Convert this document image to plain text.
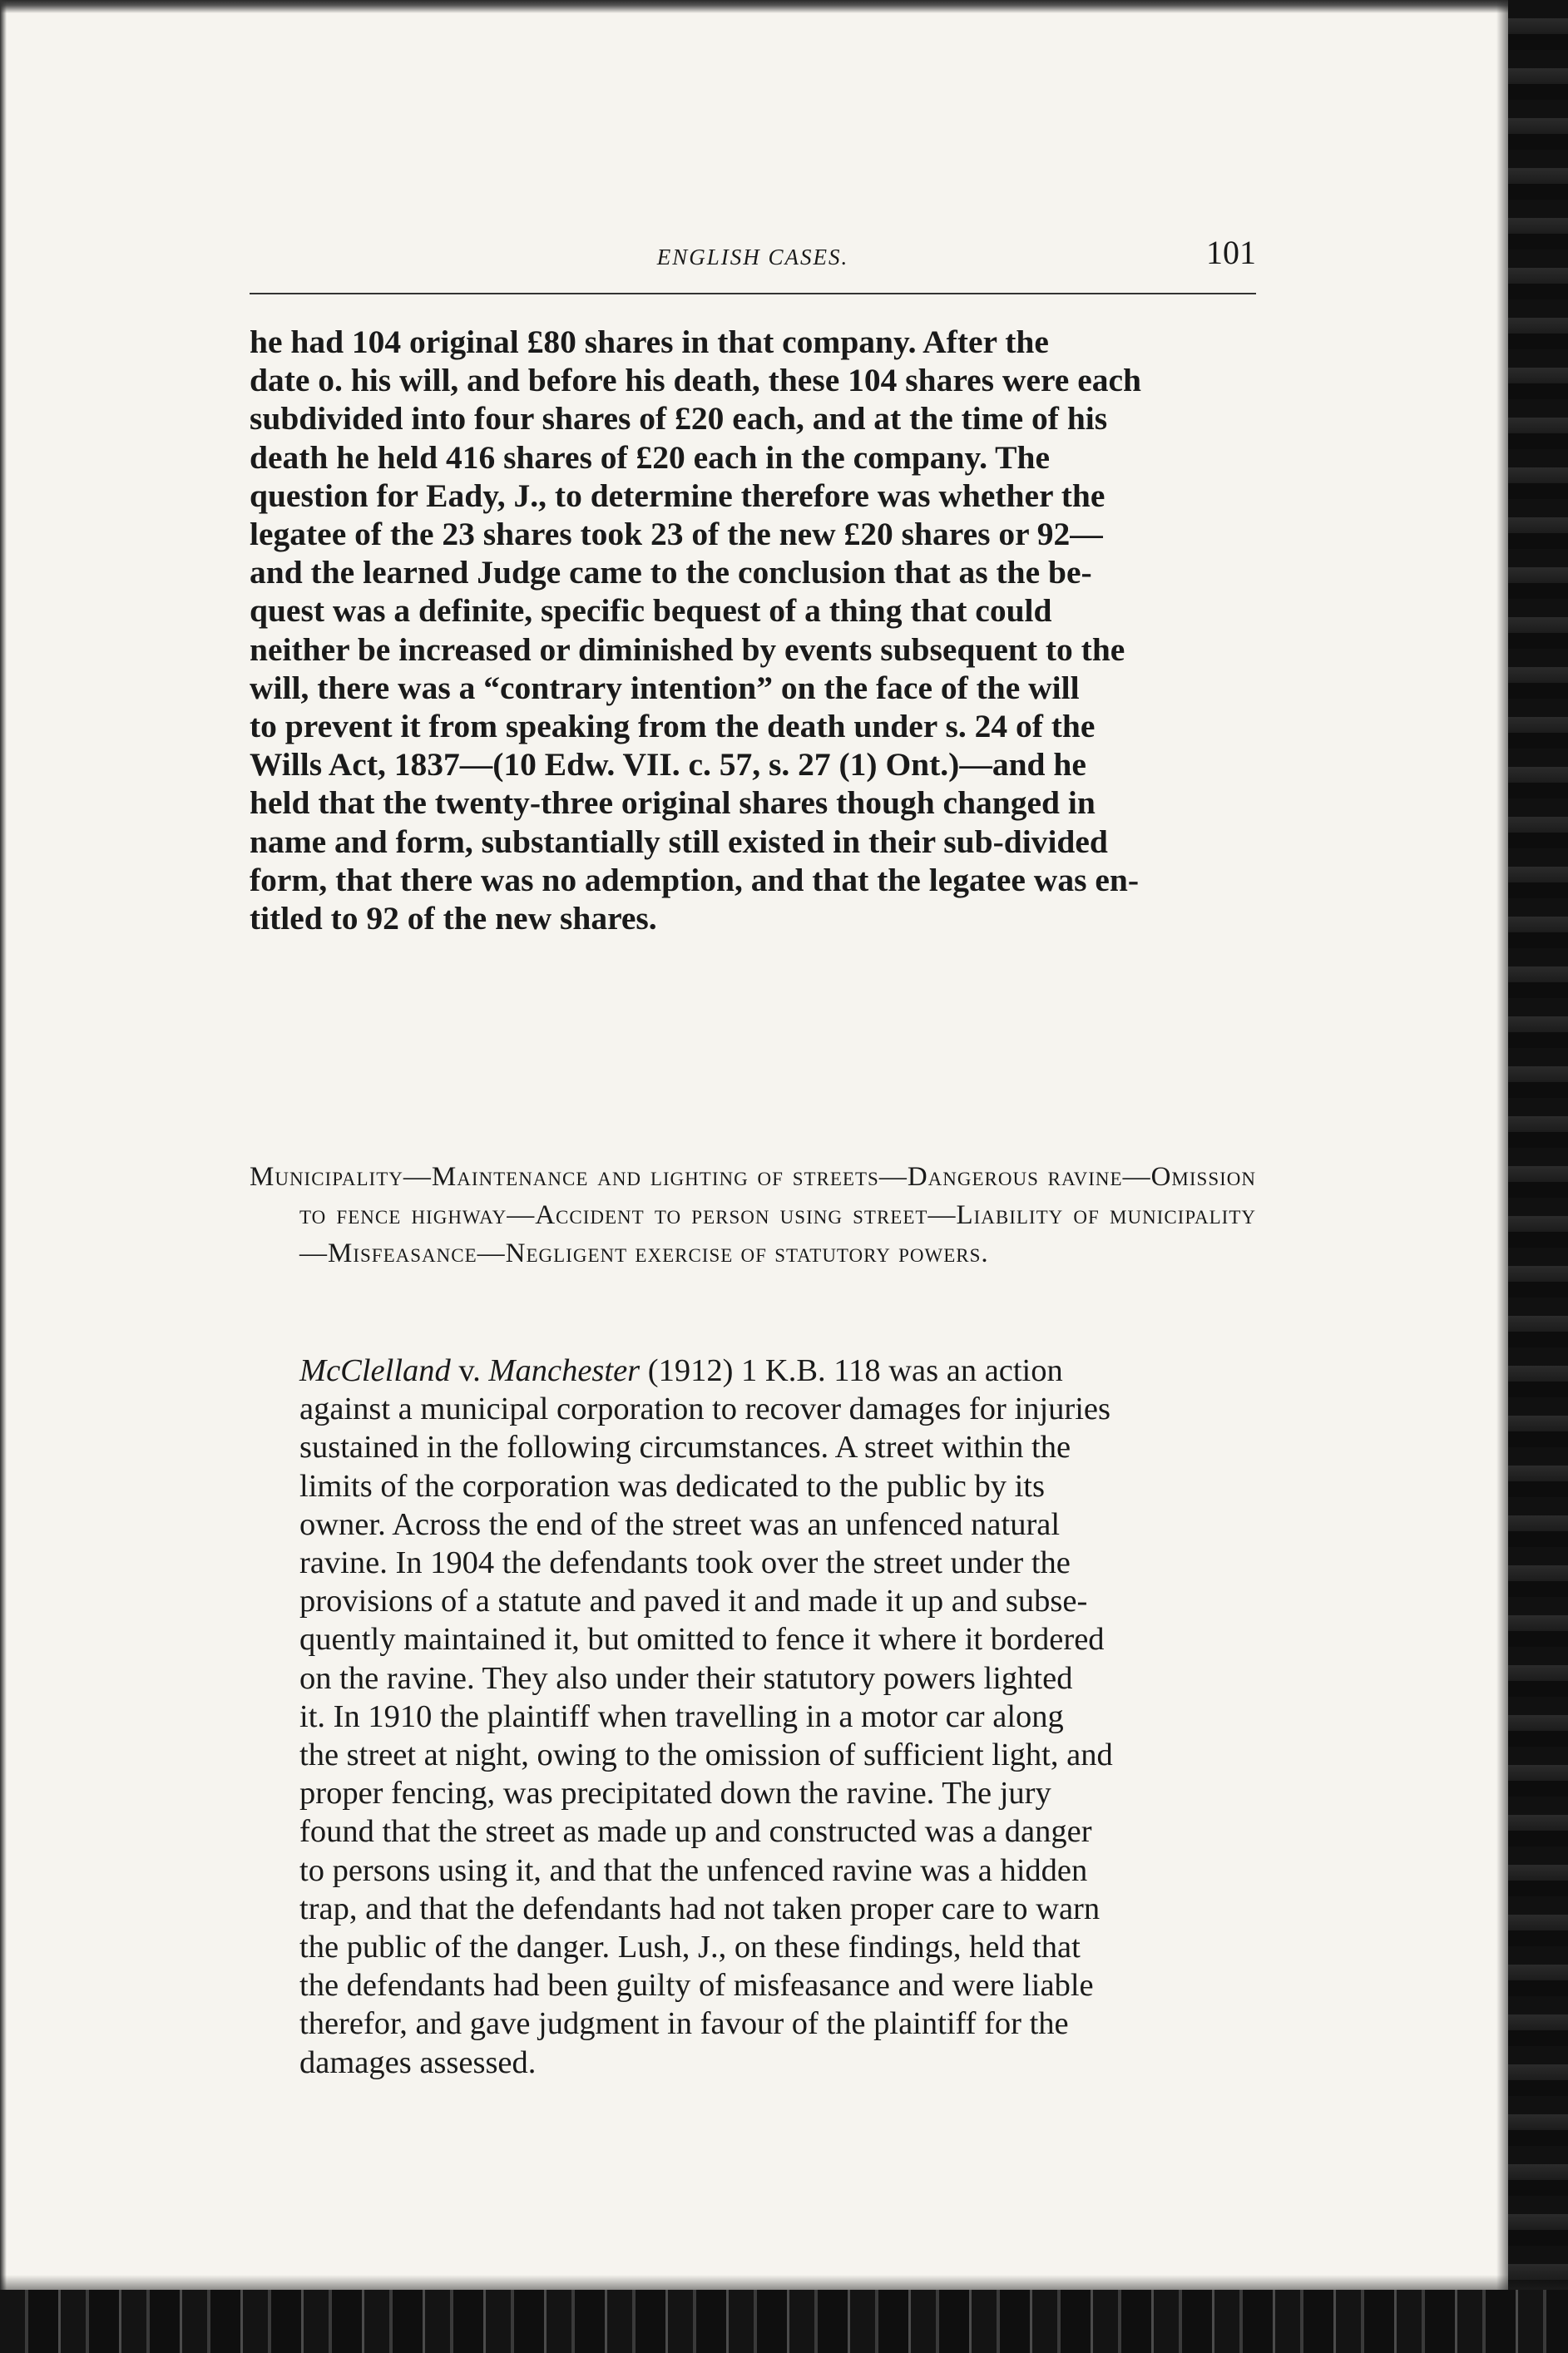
ENGLISH CASES.	101

he had 104 original £80 shares in that company. After the
date o. his will, and before his death, these 104 shares were each
subdivided into four shares of £20 each, and at the time of his
death he held 416 shares of £20 each in the company. The
question for Eady, J., to determine therefore was whether the
legatee of the 23 shares took 23 of the new £20 shares or 92—
and the learned Judge came to the conclusion that as the be-
quest was a definite, specific bequest of a thing that could
neither be increased or diminished by events subsequent to the
will, there was a “contrary intention” on the face of the will
to prevent it from speaking from the death under s. 24 of the
Wills Act, 1837—(10 Edw. VII. c. 57, s. 27 (1) Ont.)—and he
held that the twenty-three original shares though changed in
name and form, substantially still existed in their sub-divided
form, that there was no ademption, and that the legatee was en-
titled to 92 of the new shares.

Municipality—Maintenance and lighting of streets—Dangerous ravine—Omission to fence highway—Accident to person using street—Liability of municipality—Misfeasance—Negligent exercise of statutory powers.

McClelland v. Manchester (1912) 1 K.B. 118 was an action
against a municipal corporation to recover damages for injuries
sustained in the following circumstances. A street within the
limits of the corporation was dedicated to the public by its
owner. Across the end of the street was an unfenced natural
ravine. In 1904 the defendants took over the street under the
provisions of a statute and paved it and made it up and subse-
quently maintained it, but omitted to fence it where it bordered
on the ravine. They also under their statutory powers lighted
it. In 1910 the plaintiff when travelling in a motor car along
the street at night, owing to the omission of sufficient light, and
proper fencing, was precipitated down the ravine. The jury
found that the street as made up and constructed was a danger
to persons using it, and that the unfenced ravine was a hidden
trap, and that the defendants had not taken proper care to warn
the public of the danger. Lush, J., on these findings, held that
the defendants had been guilty of misfeasance and were liable
therefor, and gave judgment in favour of the plaintiff for the
damages assessed.
